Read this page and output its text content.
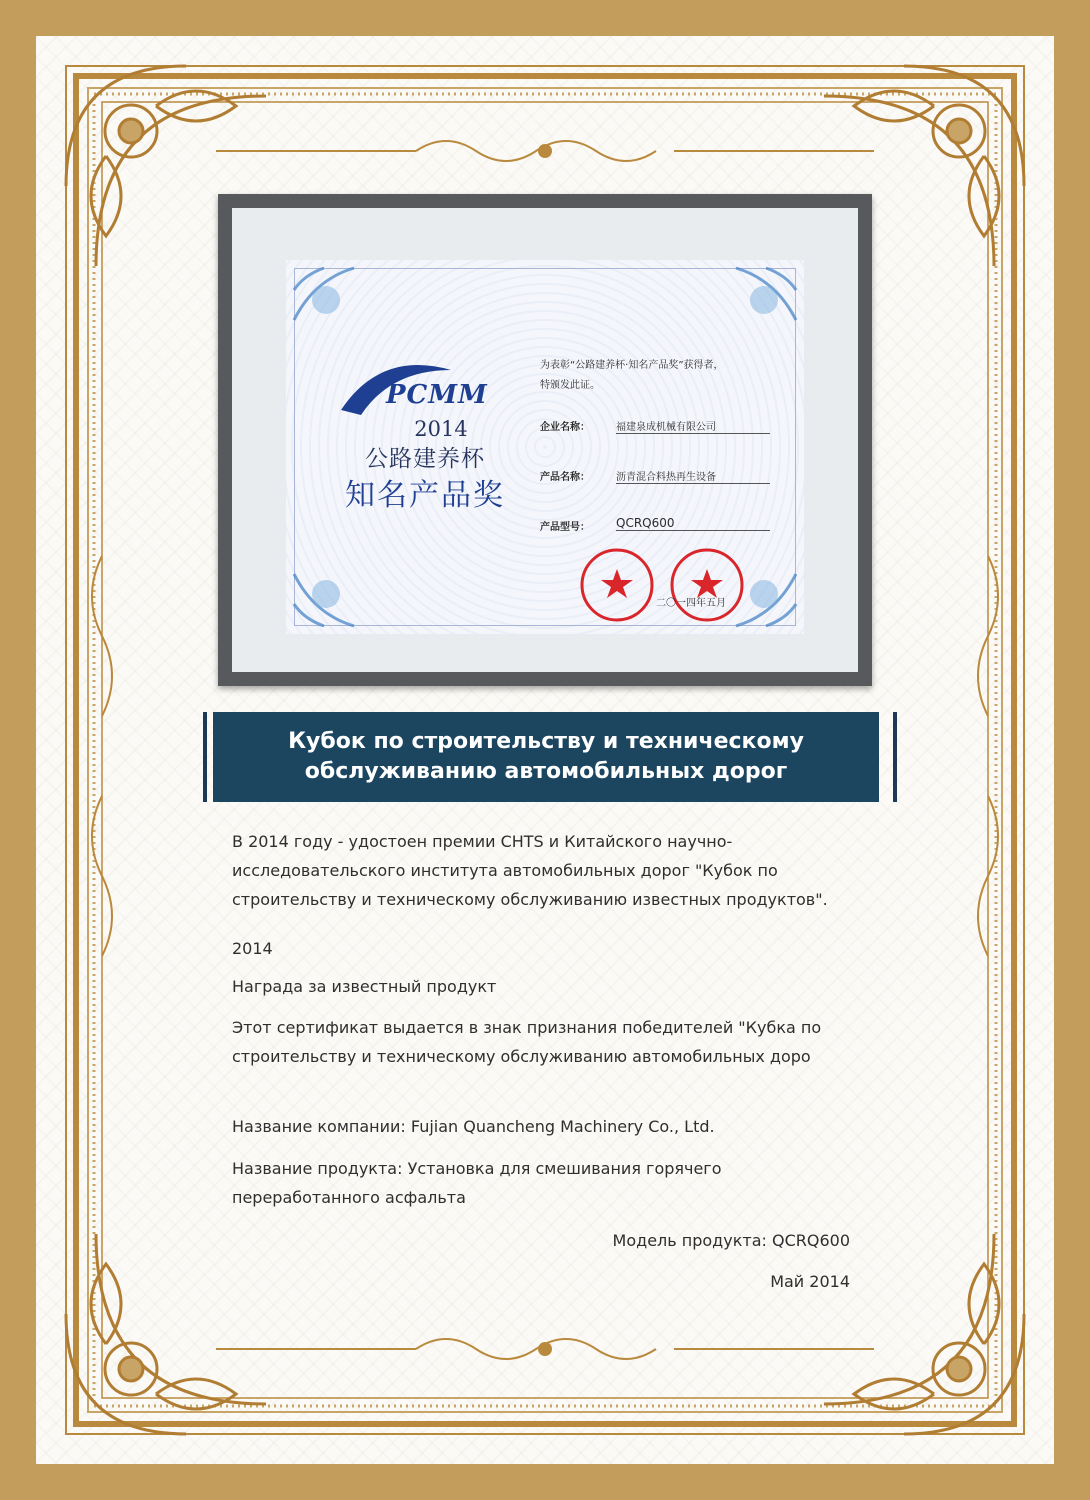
PCMM
2014
公路建养杯
知名产品奖
为表彰“公路建养杯·知名产品奖”获得者，
特颁发此证。
企业名称：	福建泉成机械有限公司
产品名称：	沥青混合料热再生设备
产品型号： QCRQ600
二〇一四年五月
Кубок по строительству и техническому обслуживанию автомобильных дорог
В 2014 году - удостоен премии CHTS и Китайского научно-исследовательского института автомобильных дорог "Кубок по строительству и техническому обслуживанию известных продуктов".
2014
Награда за известный продукт
Этот сертификат выдается в знак признания победителей "Кубка по строительству и техническому обслуживанию автомобильных доро
Название компании: Fujian Quancheng Machinery Co., Ltd.
Название продукта: Установка для смешивания горячего переработанного асфальта
Модель продукта: QCRQ600
Май 2014
